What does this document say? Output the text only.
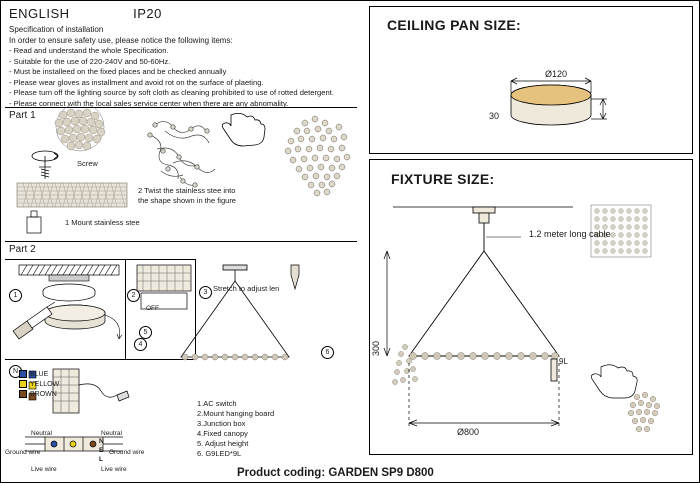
ENGLISH	IP20
Specification of installation
In order to ensure safety use, please notice the following items:
- Read and understand the whole Specification.
- Suitable for the use of 220-240V and 50-60Hz.
- Must be installeed on the fixed places and be checked annually
- Please wear gloves as installment and avoid rot on the surface of plaeting.
- Please turn off the lighting source by soft cloth as cleaning prohibited to use of rotted detergent.
- Please connect with the local sales service center when there are any abnomality.
Part 1
Screw
1 Mount stainless stee
2 Twist the stainless stee into
the shape shown in the figure
Part 2
1	2	3
4
5
6
N
OFF
Stretch to adjust len
BLUE
YELLOW
BROWN
Neutral	Neutral
Ground wire	Ground wire
Live wire	Live wire
N
E
L
1.AC switch
2.Mount hanging board
3.Junction box
4.Fixed canopy
5. Adjust height
6. G9LED*9L
CEILING PAN SIZE:
Ø120
30
FIXTURE SIZE:
1.2 meter long cable
300
Ø800
9L
Product coding: GARDEN SP9 D800
